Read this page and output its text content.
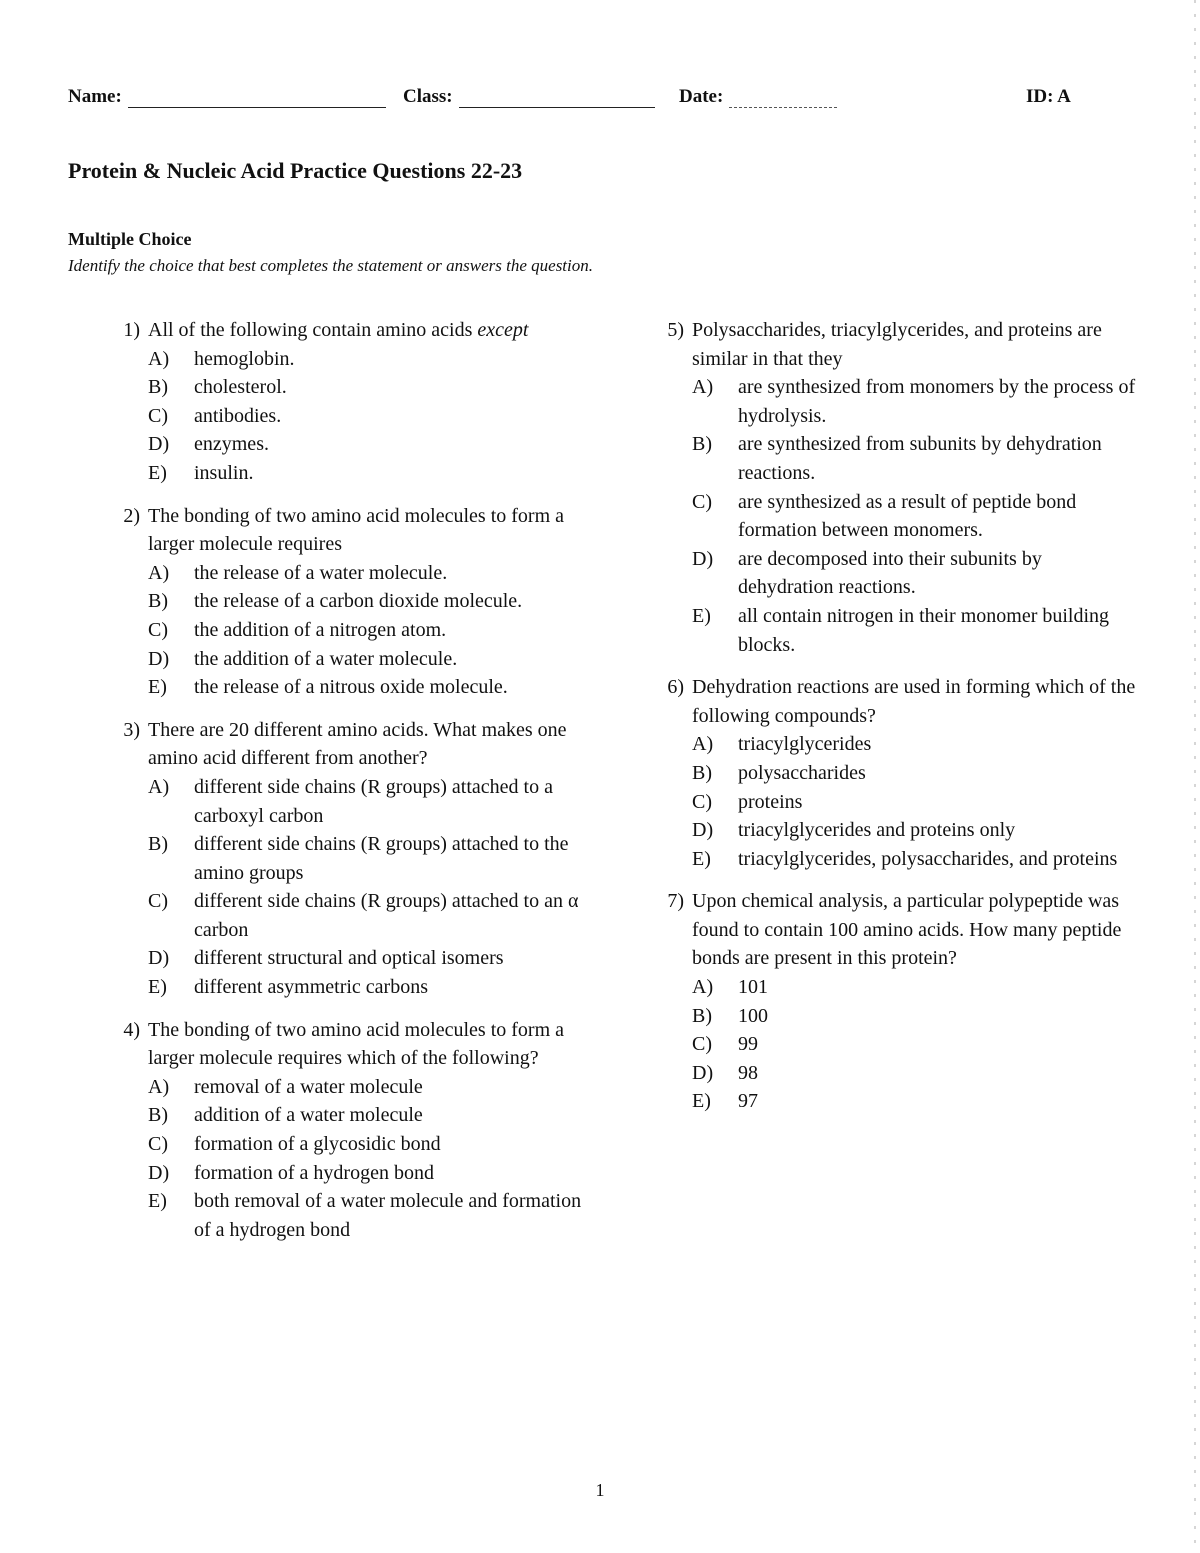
Name:	Class:	Date:	ID: A
Protein & Nucleic Acid Practice Questions 22-23
Multiple Choice
Identify the choice that best completes the statement or answers the question.
1) All of the following contain amino acids except
A) hemoglobin.
B) cholesterol.
C) antibodies.
D) enzymes.
E) insulin.
2) The bonding of two amino acid molecules to form a larger molecule requires
A) the release of a water molecule.
B) the release of a carbon dioxide molecule.
C) the addition of a nitrogen atom.
D) the addition of a water molecule.
E) the release of a nitrous oxide molecule.
3) There are 20 different amino acids. What makes one amino acid different from another?
A) different side chains (R groups) attached to a carboxyl carbon
B) different side chains (R groups) attached to the amino groups
C) different side chains (R groups) attached to an α carbon
D) different structural and optical isomers
E) different asymmetric carbons
4) The bonding of two amino acid molecules to form a larger molecule requires which of the following?
A) removal of a water molecule
B) addition of a water molecule
C) formation of a glycosidic bond
D) formation of a hydrogen bond
E) both removal of a water molecule and formation of a hydrogen bond
5) Polysaccharides, triacylglycerides, and proteins are similar in that they
A) are synthesized from monomers by the process of hydrolysis.
B) are synthesized from subunits by dehydration reactions.
C) are synthesized as a result of peptide bond formation between monomers.
D) are decomposed into their subunits by dehydration reactions.
E) all contain nitrogen in their monomer building blocks.
6) Dehydration reactions are used in forming which of the following compounds?
A) triacylglycerides
B) polysaccharides
C) proteins
D) triacylglycerides and proteins only
E) triacylglycerides, polysaccharides, and proteins
7) Upon chemical analysis, a particular polypeptide was found to contain 100 amino acids. How many peptide bonds are present in this protein?
A) 101
B) 100
C) 99
D) 98
E) 97
1
